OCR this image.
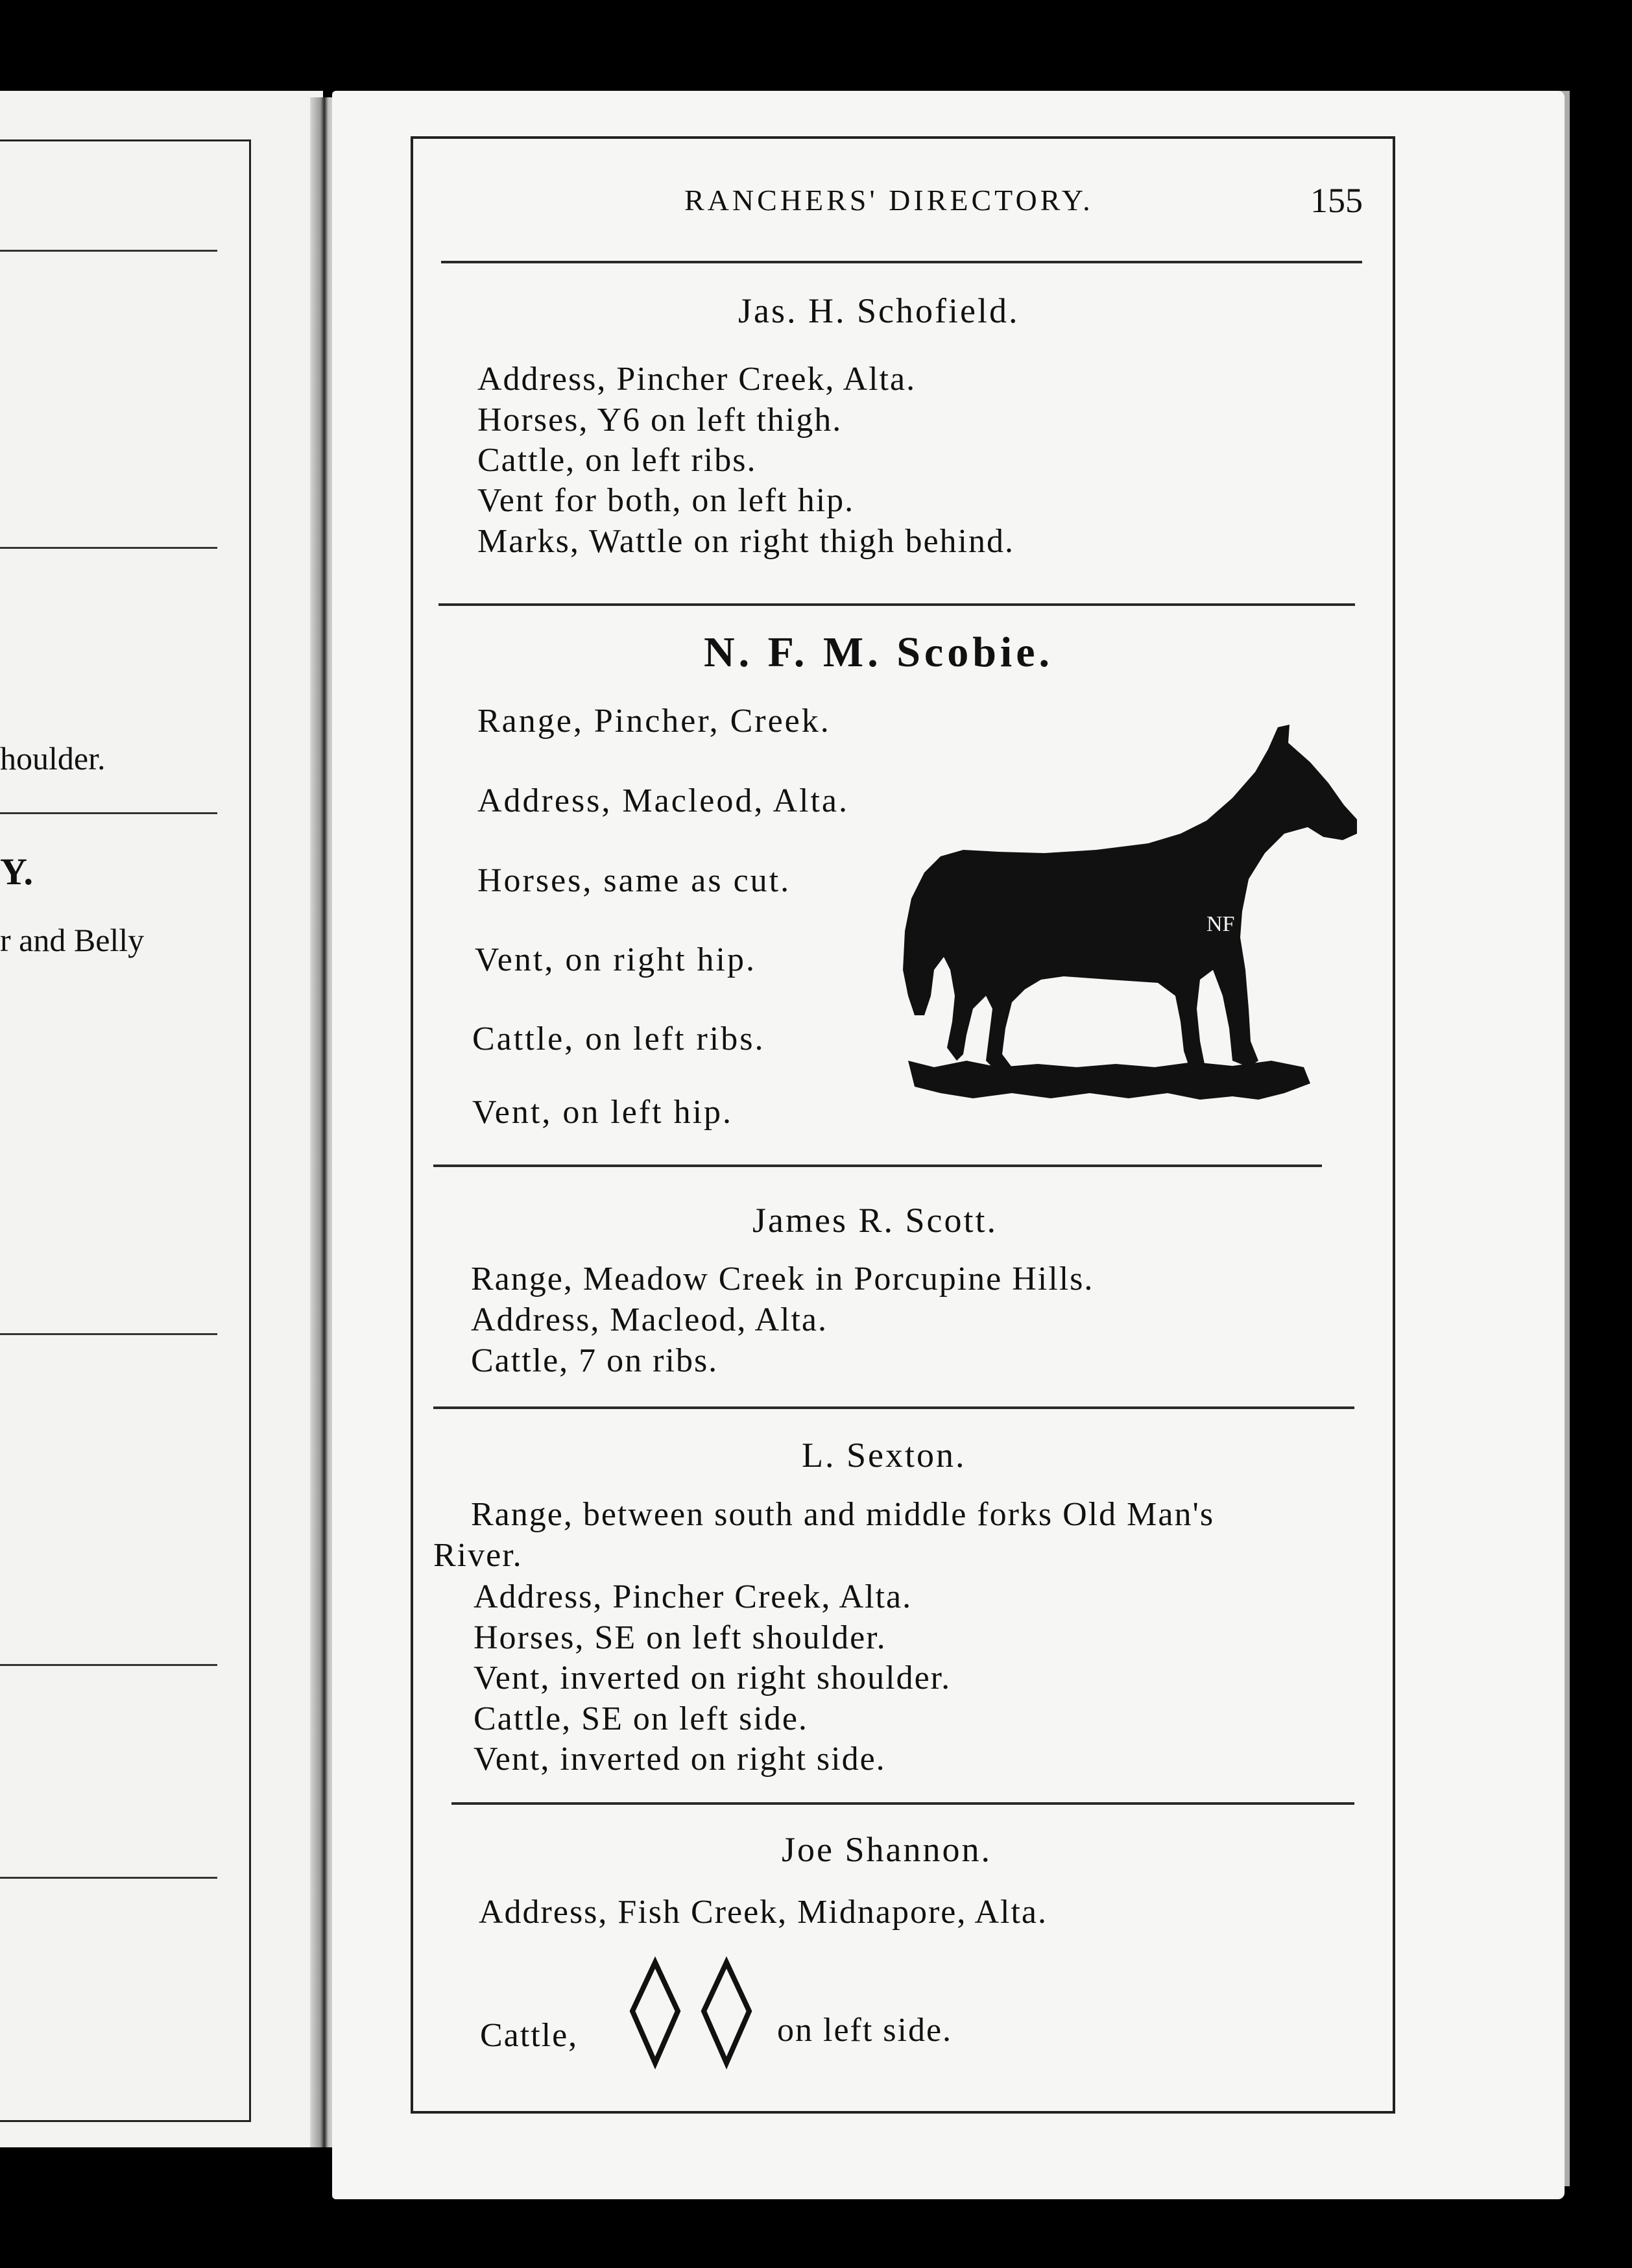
houlder.
Y.
r and Belly
RANCHERS' DIRECTORY.	155
Jas. H. Schofield.
Address, Pincher Creek, Alta.
Horses, Y6 on left thigh.
Cattle, on left ribs.
Vent for both, on left hip.
Marks, Wattle on right thigh behind.
N. F. M. Scobie.
Range, Pincher, Creek.
Address, Macleod, Alta.
Horses, same as cut.
Vent, on right hip.
Cattle, on left ribs.
Vent, on left hip.
NF
James R. Scott.
Range, Meadow Creek in Porcupine Hills.
Address, Macleod, Alta.
Cattle, 7 on ribs.
L. Sexton.
Range, between south and middle forks Old Man's
River.
Address, Pincher Creek, Alta.
Horses, SE on left shoulder.
Vent, inverted on right shoulder.
Cattle, SE on left side.
Vent, inverted on right side.
Joe Shannon.
Address, Fish Creek, Midnapore, Alta.
Cattle,	on left side.
